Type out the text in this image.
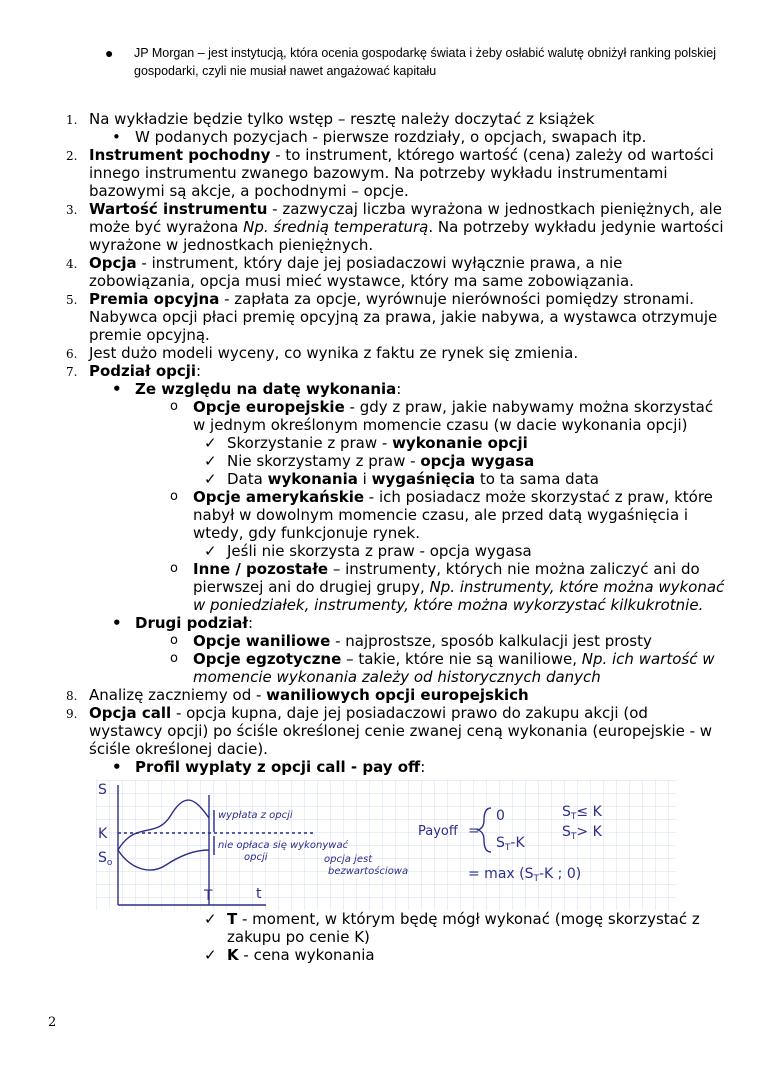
● JP Morgan – jest instytucją, która ocenia gospodarkę świata i żeby osłabić walutę obniżył ranking polskiej gospodarki, czyli nie musiał nawet angażować kapitału
1. Na wykładzie będzie tylko wstęp – resztę należy doczytać z książek
• W podanych pozycjach - pierwsze rozdziały, o opcjach, swapach itp.
2. Instrument pochodny - to instrument, którego wartość (cena) zależy od wartości innego instrumentu zwanego bazowym. Na potrzeby wykładu instrumentami bazowymi są akcje, a pochodnymi – opcje.
3. Wartość instrumentu - zazwyczaj liczba wyrażona w jednostkach pieniężnych, ale może być wyrażona Np. średnią temperaturą. Na potrzeby wykładu jedynie wartości wyrażone w jednostkach pieniężnych.
4. Opcja - instrument, który daje jej posiadaczowi wyłącznie prawa, a nie zobowiązania, opcja musi mieć wystawce, który ma same zobowiązania.
5. Premia opcyjna - zapłata za opcje, wyrównuje nierówności pomiędzy stronami. Nabywca opcji płaci premię opcyjną za prawa, jakie nabywa, a wystawca otrzymuje premie opcyjną.
6. Jest dużo modeli wyceny, co wynika z faktu ze rynek się zmienia.
7. Podział opcji:
• Ze względu na datę wykonania:
o Opcje europejskie - gdy z praw, jakie nabywamy można skorzystać w jednym określonym momencie czasu (w dacie wykonania opcji)
✓ Skorzystanie z praw - wykonanie opcji
✓ Nie skorzystamy z praw - opcja wygasa
✓ Data wykonania i wygaśnięcia to ta sama data
o Opcje amerykańskie - ich posiadacz może skorzystać z praw, które nabył w dowolnym momencie czasu, ale przed datą wygaśnięcia i wtedy, gdy funkcjonuje rynek.
✓ Jeśli nie skorzysta z praw - opcja wygasa
o Inne / pozostałe – instrumenty, których nie można zaliczyć ani do pierwszej ani do drugiej grupy, Np. instrumenty, które można wykonać w poniedziałek, instrumenty, które można wykorzystać kilkukrotnie.
• Drugi podział:
o Opcje waniliowe - najprostsze, sposób kalkulacji jest prosty
o Opcje egzotyczne – takie, które nie są waniliowe, Np. ich wartość w momencie wykonania zależy od historycznych danych
8. Analizę zaczniemy od - waniliowych opcji europejskich
9. Opcja call - opcja kupna, daje jej posiadaczowi prawo do zakupu akcji (od wystawcy opcji) po ściśle określonej cenie zwanej ceną wykonania (europejskie - w ściśle określonej dacie).
• Profil wyplaty z opcji call - pay off:
S
K
$S_o$
T	t
wypłata z opcji
nie opłaca się wykonywać
opcji	opcja jest
bezwartościowa
Payoff =
0
$S_T-K$
$S_T\le K$
$S_T> K$
= $\max (S_T-K$ ; 0)
✓ T - moment, w którym będę mógł wykonać (mogę skorzystać z zakupu po cenie K)
✓ K - cena wykonania
2
